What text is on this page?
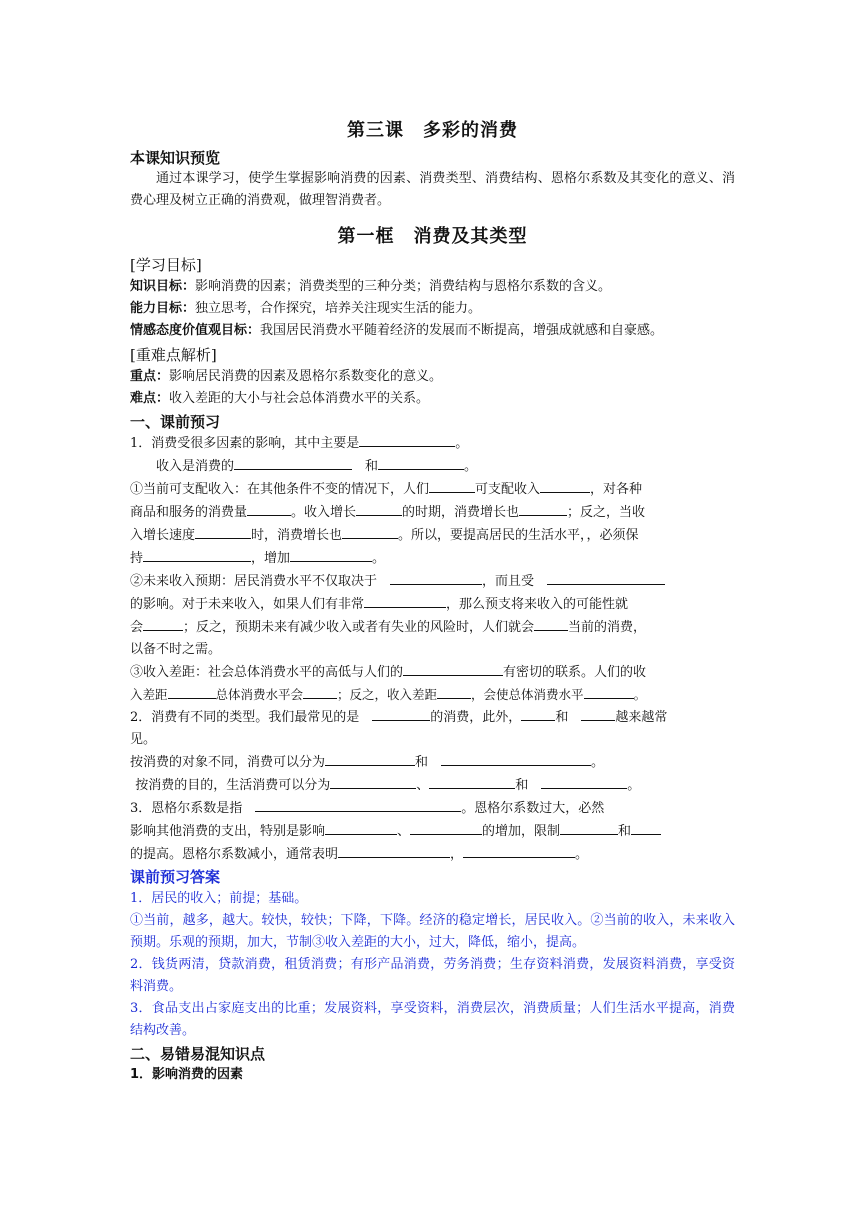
第三课　多彩的消费
本课知识预览
通过本课学习，使学生掌握影响消费的因素、消费类型、消费结构、恩格尔系数及其变化的意义、消费心理及树立正确的消费观，做理智消费者。
第一框　消费及其类型
[学习目标]
知识目标：影响消费的因素；消费类型的三种分类；消费结构与恩格尔系数的含义。
能力目标：独立思考，合作探究，培养关注现实生活的能力。
情感态度价值观目标：我国居民消费水平随着经济的发展而不断提高，增强成就感和自豪感。
[重难点解析]
重点：影响居民消费的因素及恩格尔系数变化的意义。
难点：收入差距的大小与社会总体消费水平的关系。
一、课前预习
1．消费受很多因素的影响，其中主要是	。
收入是消费的　	和	。
①当前可支配收入：在其他条件不变的情况下，人们	可支配收入	，对各种
商品和服务的消费量	。收入增长	的时期，消费增长也	；反之，当收
入增长速度	时，消费增长也	。所以，要提高居民的生活水平，，必须保
持	，增加	。
②未来收入预期：居民消费水平不仅取决于　	，而且受　
的影响。对于未来收入，如果人们有非常	，那么预支将来收入的可能性就
会	；反之，预期未来有减少收入或者有失业的风险时，人们就会	当前的消费，
以备不时之需。
③收入差距：社会总体消费水平的高低与人们的	有密切的联系。人们的收
入差距	总体消费水平会	；反之，收入差距	，会使总体消费水平	。
2．消费有不同的类型。我们最常见的是　	的消费，此外，	和　	越来越常
见。
按消费的对象不同，消费可以分为	和　	。
按消费的目的，生活消费可以分为	、	和　	。
3．恩格尔系数是指　	。恩格尔系数过大，必然
影响其他消费的支出，特别是影响	、	的增加，限制	和
的提高。恩格尔系数减小，通常表明	，	。
课前预习答案
1．居民的收入；前提；基础。
①当前，越多，越大。较快，较快；下降，下降。经济的稳定增长，居民收入。②当前的收入，未来收入预期。乐观的预期，加大，节制③收入差距的大小，过大，降低，缩小，提高。
2．钱货两清，贷款消费，租赁消费；有形产品消费，劳务消费；生存资料消费，发展资料消费，享受资料消费。
3．食品支出占家庭支出的比重；发展资料，享受资料，消费层次，消费质量；人们生活水平提高，消费结构改善。
二、易错易混知识点
1．影响消费的因素
